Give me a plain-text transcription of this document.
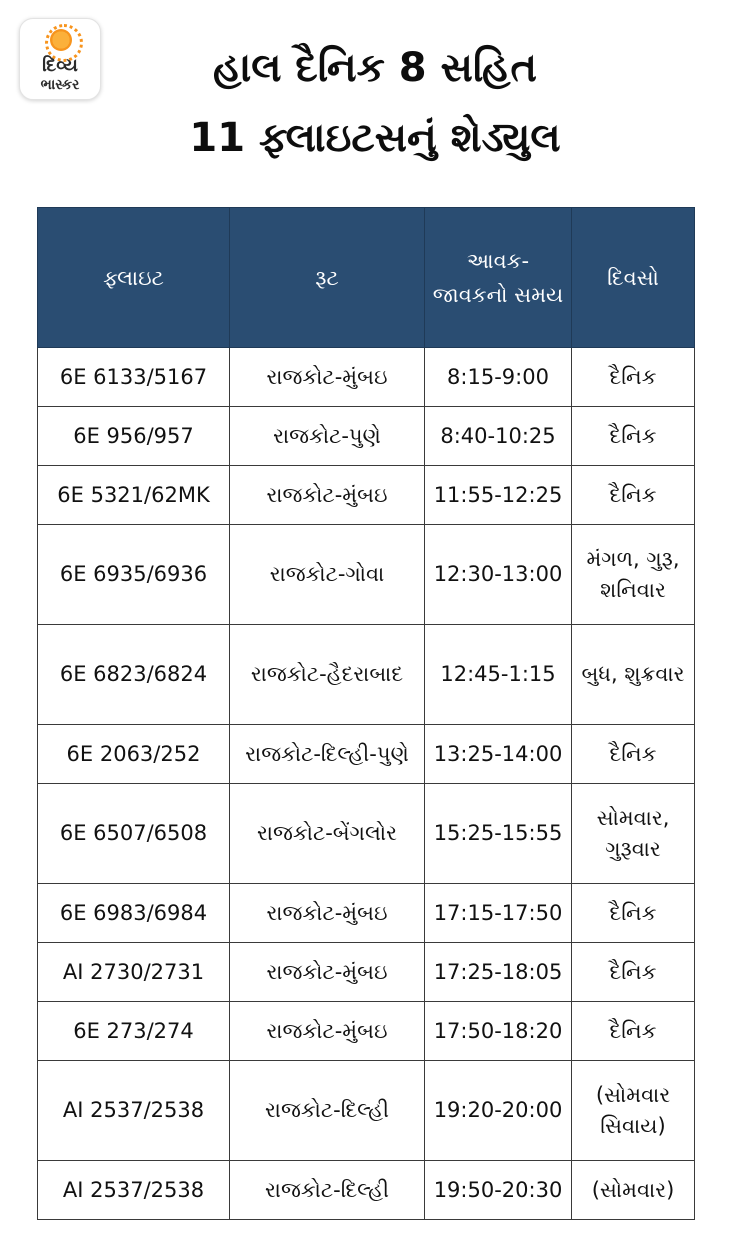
દિવ્ય
ભાસ્કર	હાલ દૈનિક 8 સહિત
11 ફ્લાઇટસનું શેડ્યુલ
ફ્લાઇટ	રૂટ	આવક-જાવકનો સમય	દિવસો
6E 6133/5167	રાજકોટ-મુંબઇ	8:15-9:00	દૈનિક
6E 956/957	રાજકોટ-પુણે	8:40-10:25	દૈનિક
6E 5321/62MK	રાજકોટ-મુંબઇ	11:55-12:25	દૈનિક
6E 6935/6936	રાજકોટ-ગોવા	12:30-13:00	મંગળ, ગુરૂ, શનિવાર
6E 6823/6824	રાજકોટ-હૈદરાબાદ	12:45-1:15	બુધ, શુક્રવાર
6E 2063/252	રાજકોટ-દિલ્હી-પુણે	13:25-14:00	દૈનિક
6E 6507/6508	રાજકોટ-બેંગલોર	15:25-15:55	સોમવાર, ગુરૂવાર
6E 6983/6984	રાજકોટ-મુંબઇ	17:15-17:50	દૈનિક
AI 2730/2731	રાજકોટ-મુંબઇ	17:25-18:05	દૈનિક
6E 273/274	રાજકોટ-મુંબઇ	17:50-18:20	દૈનિક
AI 2537/2538	રાજકોટ-દિલ્હી	19:20-20:00	(સોમવાર સિવાય)
AI 2537/2538	રાજકોટ-દિલ્હી	19:50-20:30	(સોમવાર)
